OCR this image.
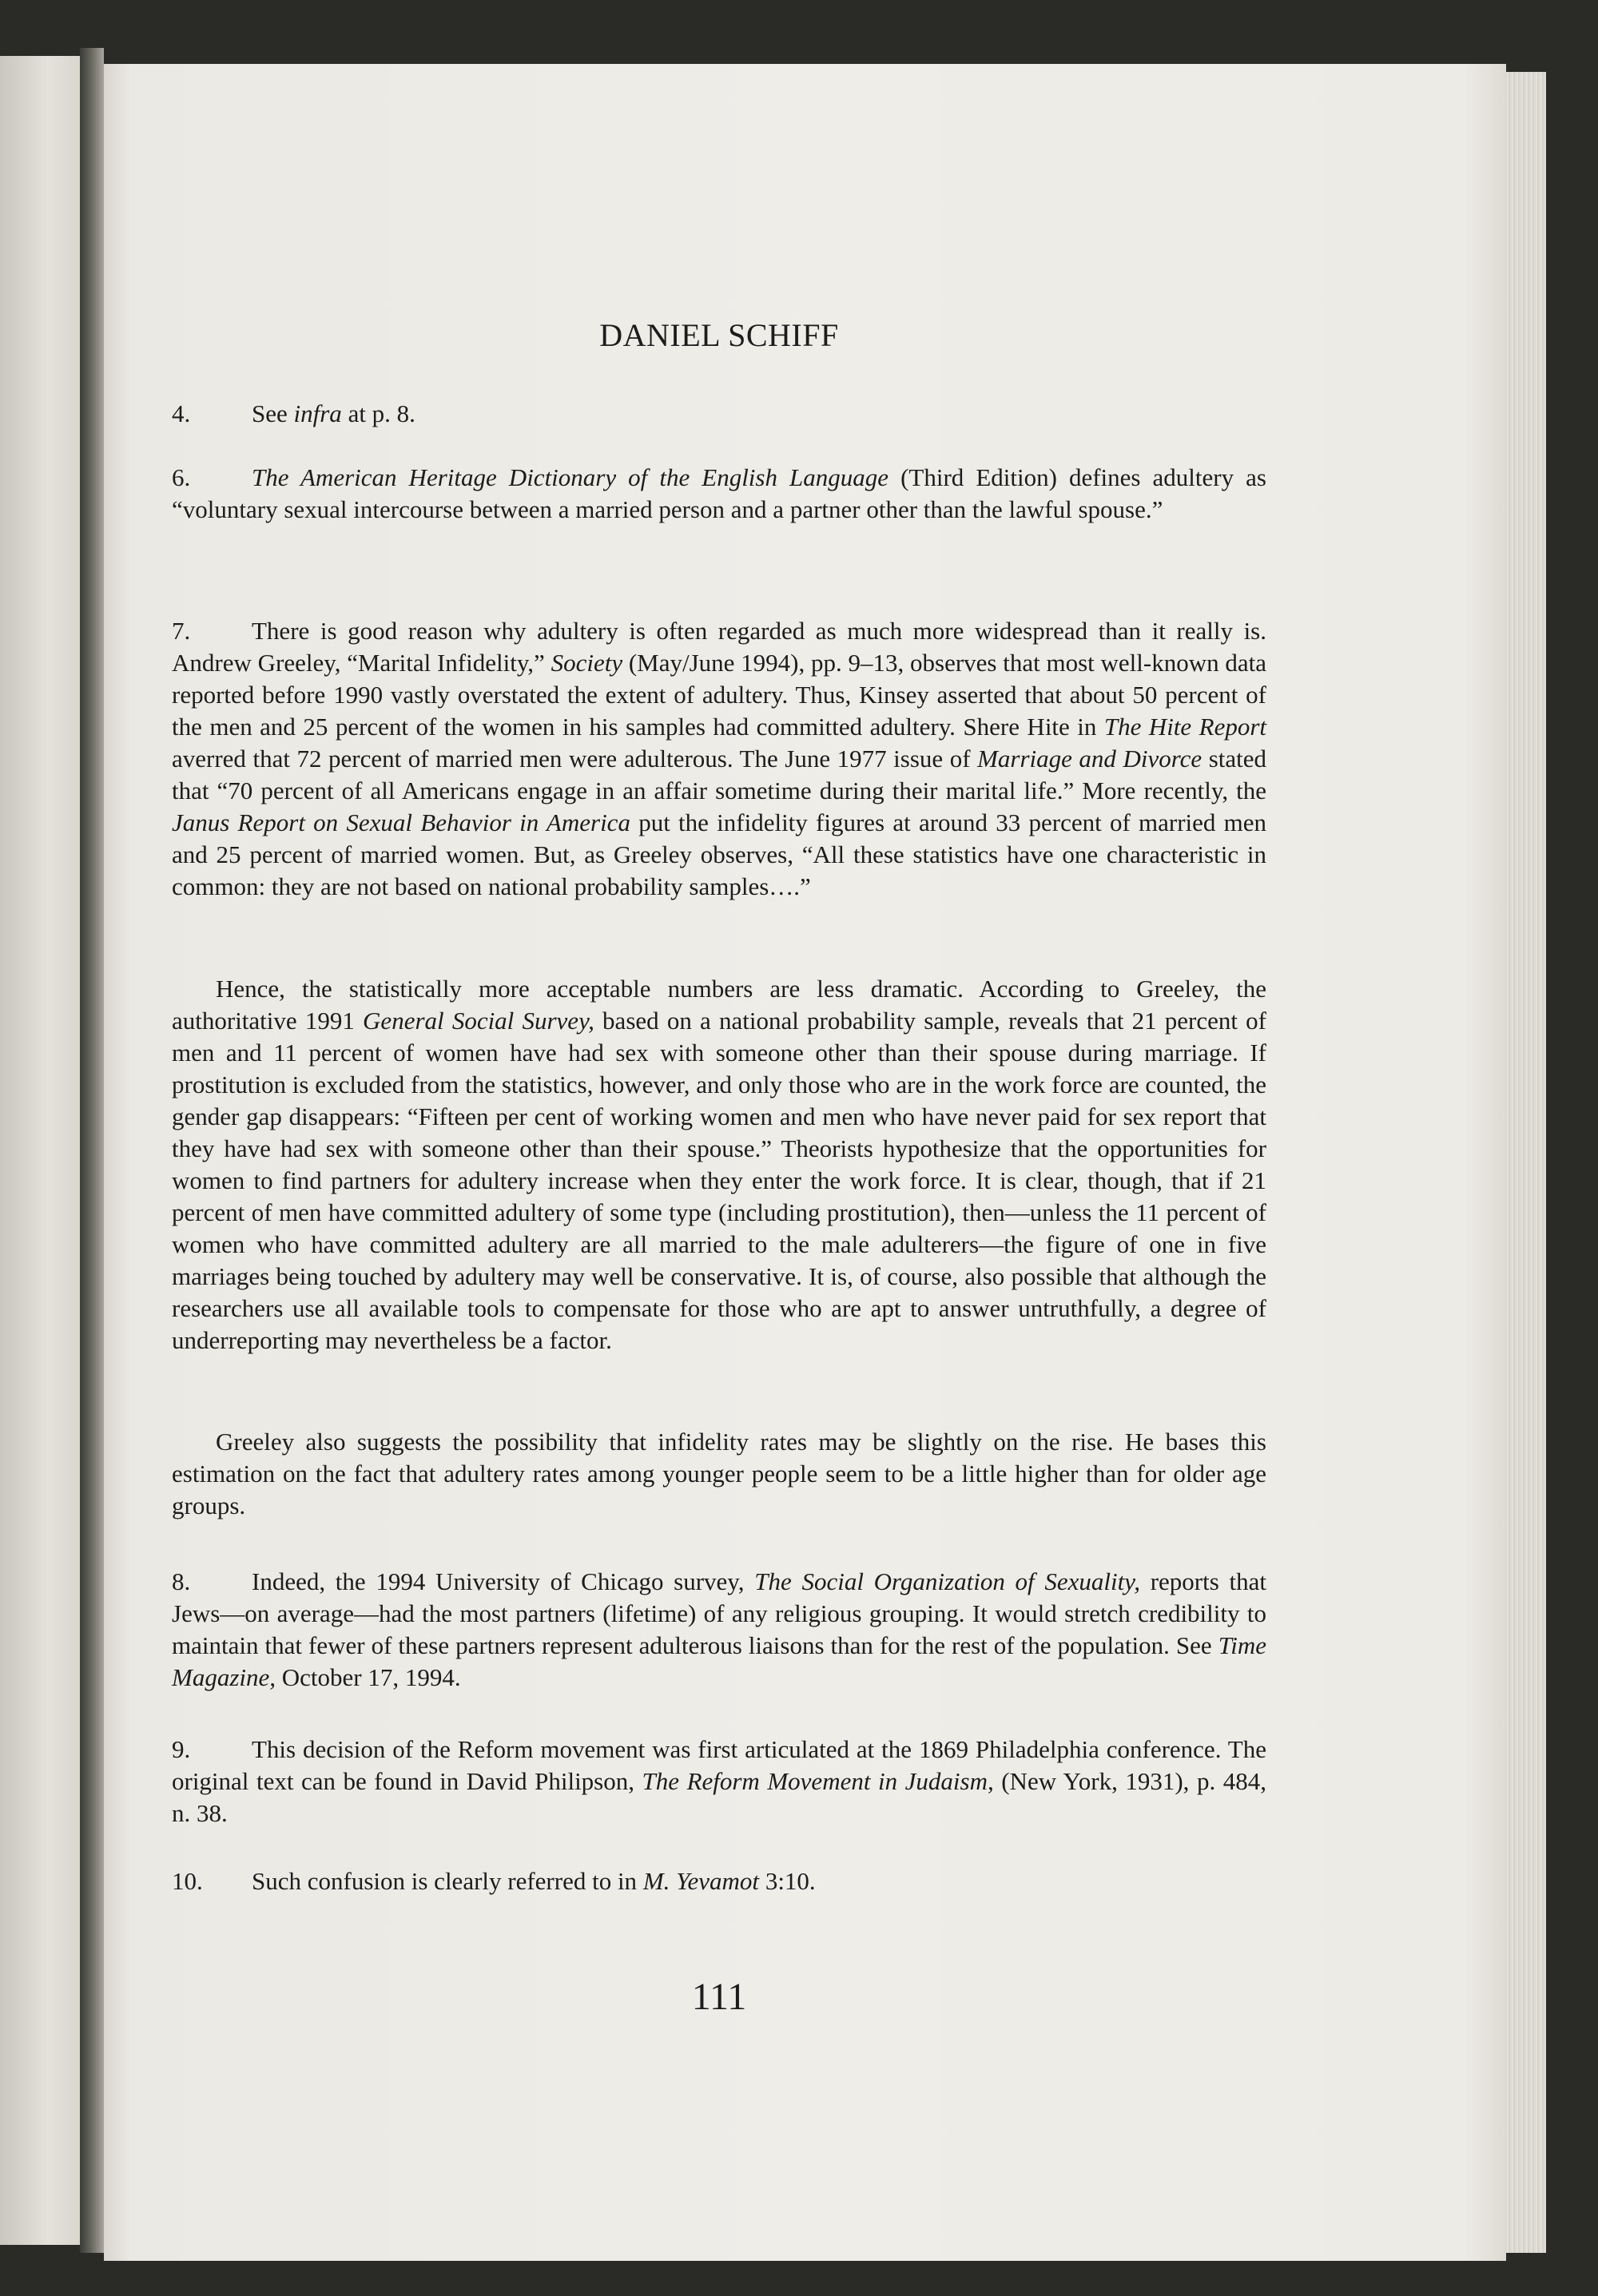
DANIEL SCHIFF

4. See infra at p. 8.

6. The American Heritage Dictionary of the English Language (Third Edition) defines adultery as “voluntary sexual intercourse between a married person and a partner other than the lawful spouse.”

7. There is good reason why adultery is often regarded as much more widespread than it really is. Andrew Greeley, “Marital Infidelity,” Society (May/June 1994), pp. 9–13, observes that most well-known data reported before 1990 vastly overstated the extent of adultery. Thus, Kinsey asserted that about 50 percent of the men and 25 percent of the women in his samples had committed adultery. Shere Hite in The Hite Report averred that 72 percent of married men were adulterous. The June 1977 issue of Marriage and Divorce stated that “70 percent of all Americans engage in an affair sometime during their marital life.” More recently, the Janus Report on Sexual Behavior in America put the infidelity figures at around 33 percent of married men and 25 percent of married women. But, as Greeley observes, “All these statistics have one characteristic in common: they are not based on national probability samples….”

Hence, the statistically more acceptable numbers are less dramatic. According to Greeley, the authoritative 1991 General Social Survey, based on a national probability sample, reveals that 21 percent of men and 11 percent of women have had sex with someone other than their spouse during marriage. If prostitution is excluded from the statistics, however, and only those who are in the work force are counted, the gender gap disappears: “Fifteen per cent of working women and men who have never paid for sex report that they have had sex with someone other than their spouse.” Theorists hypothesize that the opportunities for women to find partners for adultery increase when they enter the work force. It is clear, though, that if 21 percent of men have committed adultery of some type (including prostitution), then—unless the 11 percent of women who have committed adultery are all married to the male adulterers—the figure of one in five marriages being touched by adultery may well be conservative. It is, of course, also possible that although the researchers use all available tools to compensate for those who are apt to answer untruthfully, a degree of underreporting may nevertheless be a factor.

Greeley also suggests the possibility that infidelity rates may be slightly on the rise. He bases this estimation on the fact that adultery rates among younger people seem to be a little higher than for older age groups.

8. Indeed, the 1994 University of Chicago survey, The Social Organization of Sexuality, reports that Jews—on average—had the most partners (lifetime) of any religious grouping. It would stretch credibility to maintain that fewer of these partners represent adulterous liaisons than for the rest of the population. See Time Magazine, October 17, 1994.

9. This decision of the Reform movement was first articulated at the 1869 Philadelphia conference. The original text can be found in David Philipson, The Reform Movement in Judaism, (New York, 1931), p. 484, n. 38.

10. Such confusion is clearly referred to in M. Yevamot 3:10.

111
